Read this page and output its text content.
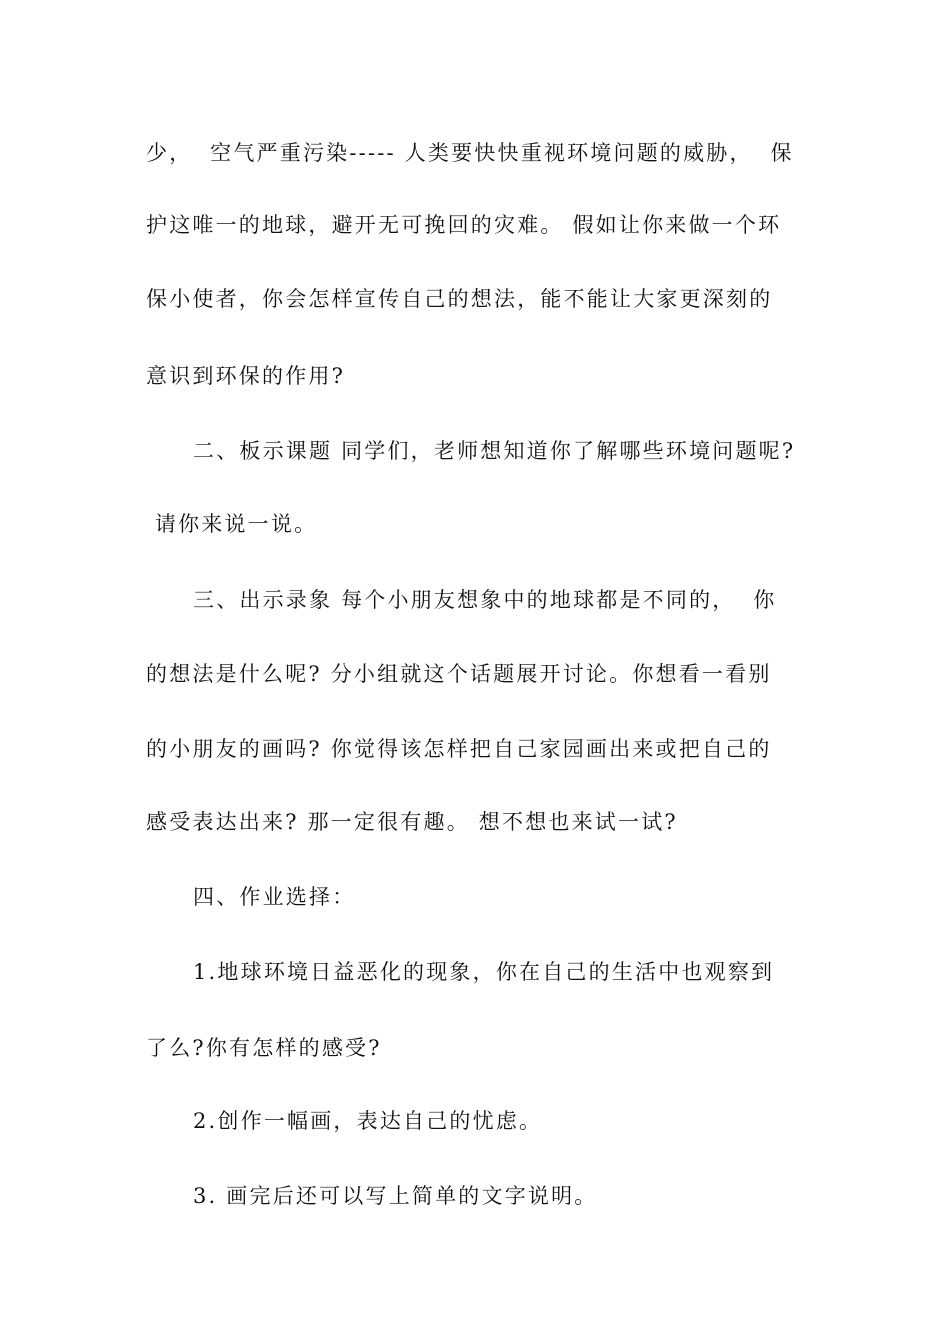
少，  空气严重污染----- 人类要快快重视环境问题的威胁，  保
护这唯一的地球，避开无可挽回的灾难。 假如让你来做一个环
保小使者，你会怎样宣传自己的想法，能不能让大家更深刻的
意识到环保的作用?
二、板示课题 同学们，老师想知道你了解哪些环境问题呢?
请你来说一说。
三、出示录象 每个小朋友想象中的地球都是不同的，  你
的想法是什么呢? 分小组就这个话题展开讨论。你想看一看别
的小朋友的画吗? 你觉得该怎样把自己家园画出来或把自己的
感受表达出来? 那一定很有趣。 想不想也来试一试?
四、作业选择：
1.地球环境日益恶化的现象，你在自己的生活中也观察到
了么?你有怎样的感受?
2.创作一幅画，表达自己的忧虑。
3. 画完后还可以写上简单的文字说明。
